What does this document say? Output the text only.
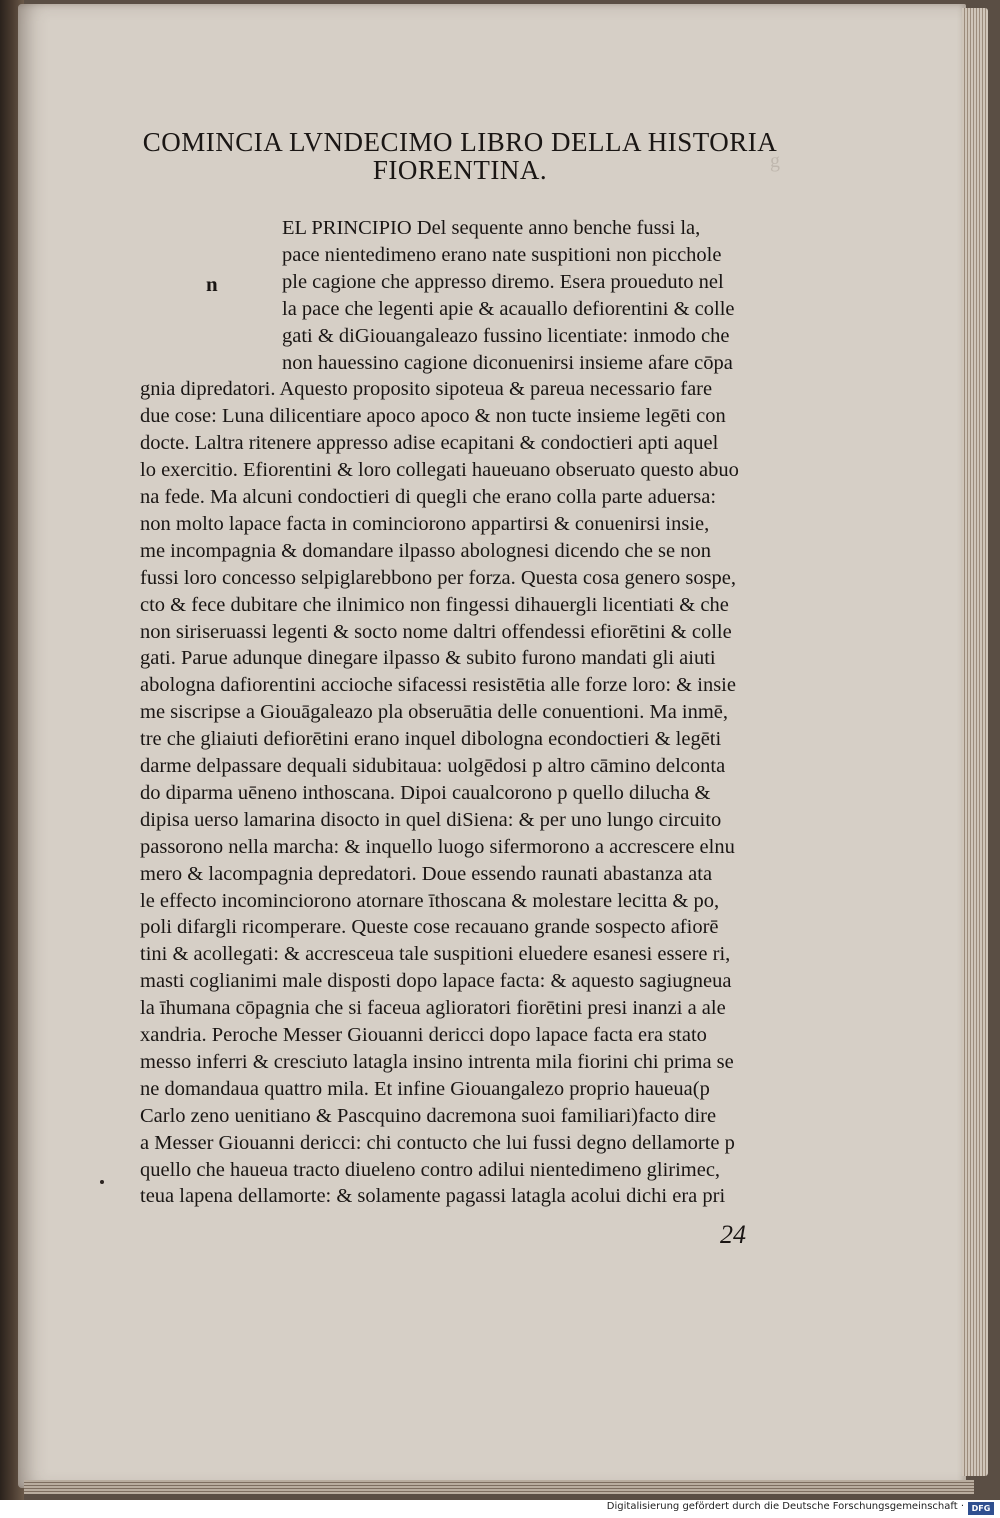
g
COMINCIA LVNDECIMO LIBRO DELLA HISTORIA
FIORENTINA.
n
EL PRINCIPIO Del sequente anno benche fussi la,
pace nientedimeno erano nate suspitioni non picchole
ple cagione che appresso diremo. Esera proueduto nel
la pace che legenti apie & acauallo defiorentini & colle
gati & diGiouangaleazo fussino licentiate: inmodo che
non hauessino cagione diconuenirsi insieme afare cōpa
gnia dipredatori. Aquesto proposito sipoteua & pareua necessario fare
due cose: Luna dilicentiare apoco apoco & non tucte insieme legēti con
docte. Laltra ritenere appresso adise ecapitani & condoctieri apti aquel
lo exercitio. Efiorentini & loro collegati haueuano obseruato questo abuo
na fede. Ma alcuni condoctieri di quegli che erano colla parte aduersa:
non molto lapace facta in cominciorono appartirsi & conuenirsi insie,
me incompagnia & domandare ilpasso abolognesi dicendo che se non
fussi loro concesso selpiglarebbono per forza. Questa cosa genero sospe,
cto & fece dubitare che ilnimico non fingessi dihauergli licentiati & che
non siriseruassi legenti & socto nome daltri offendessi efiorētini & colle
gati. Parue adunque dinegare ilpasso & subito furono mandati gli aiuti
abologna dafiorentini accioche sifacessi resistētia alle forze loro: & insie
me siscripse a Giouāgaleazo pla obseruātia delle conuentioni. Ma inmē,
tre che gliaiuti defiorētini erano inquel dibologna econdoctieri & legēti
darme delpassare dequali sidubitaua: uolgēdosi p altro cāmino delconta
do diparma uēneno inthoscana. Dipoi caualcorono p quello dilucha &
dipisa uerso lamarina disocto in quel diSiena: & per uno lungo circuito
passorono nella marcha: & inquello luogo sifermorono a accrescere elnu
mero & lacompagnia depredatori. Doue essendo raunati abastanza ata
le effecto incominciorono atornare īthoscana & molestare lecitta & po,
poli difargli ricomperare. Queste cose recauano grande sospecto afiorē
tini & acollegati: & accresceua tale suspitioni eluedere esanesi essere ri,
masti coglianimi male disposti dopo lapace facta: & aquesto sagiugneua
la īhumana cōpagnia che si faceua aglioratori fiorētini presi inanzi a ale
xandria. Peroche Messer Giouanni dericci dopo lapace facta era stato
messo inferri & cresciuto latagla insino intrenta mila fiorini chi prima se
ne domandaua quattro mila. Et infine Giouangalezo proprio haueua(p
Carlo zeno uenitiano & Pascquino dacremona suoi familiari)facto dire
a Messer Giouanni dericci: chi contucto che lui fussi degno dellamorte p
quello che haueua tracto diueleno contro adilui nientedimeno glirimec,
teua lapena dellamorte: & solamente pagassi latagla acolui dichi era pri
24
Digitalisierung gefördert durch die Deutsche Forschungsgemeinschaft · DFG
